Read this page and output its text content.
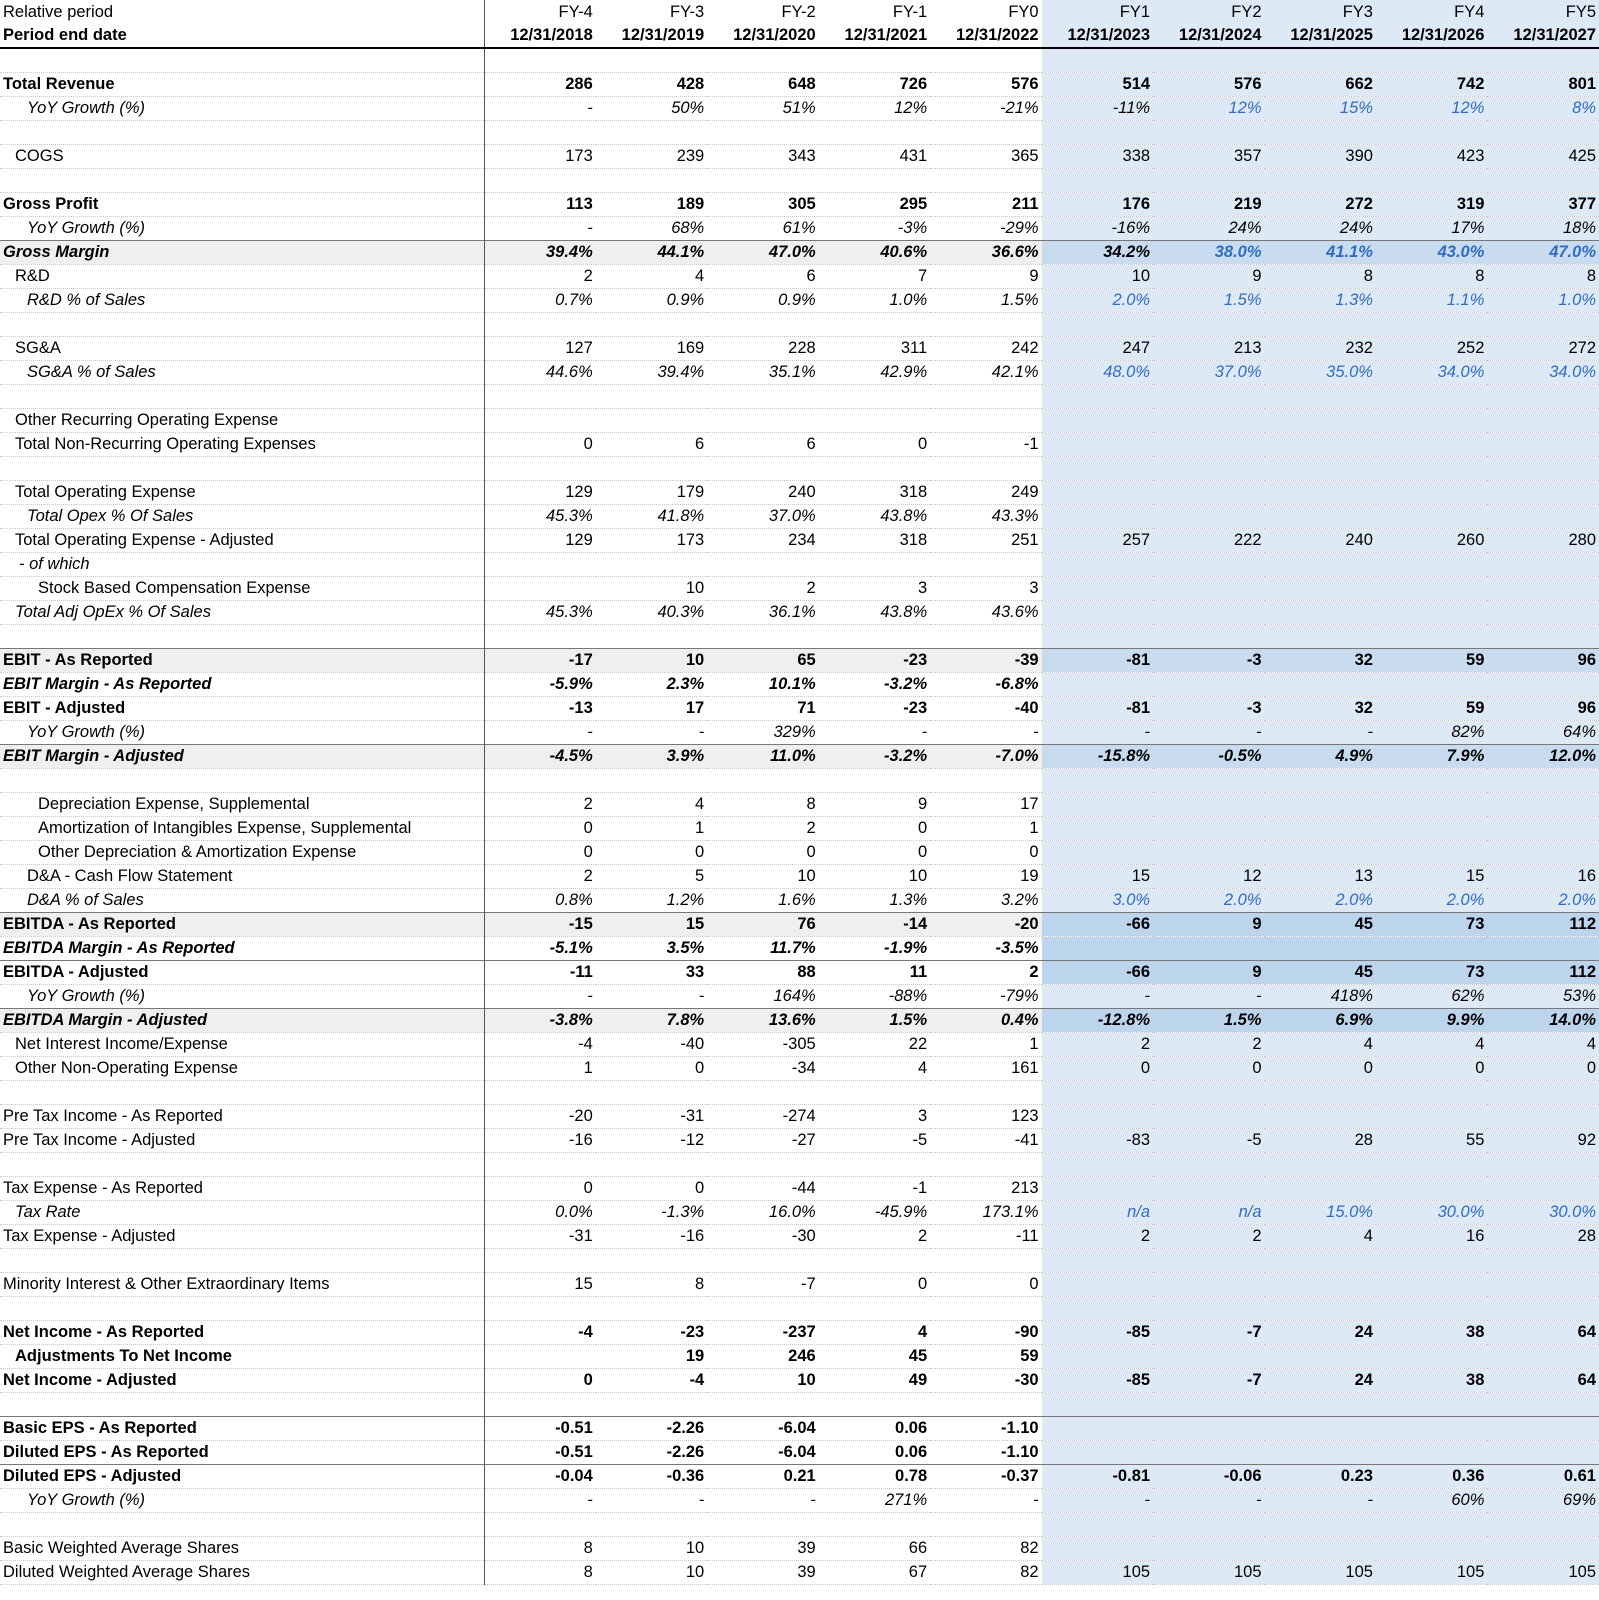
Relative period	FY-4	FY-3	FY-2	FY-1	FY0	FY1	FY2	FY3	FY4	FY5
Period end date	12/31/2018	12/31/2019	12/31/2020	12/31/2021	12/31/2022	12/31/2023	12/31/2024	12/31/2025	12/31/2026	12/31/2027

Total Revenue	286	428	648	726	576	514	576	662	742	801
YoY Growth (%)	-	50%	51%	12%	-21%	-11%	12%	15%	12%	8%

COGS	173	239	343	431	365	338	357	390	423	425

Gross Profit	113	189	305	295	211	176	219	272	319	377
YoY Growth (%)	-	68%	61%	-3%	-29%	-16%	24%	24%	17%	18%
Gross Margin	39.4%	44.1%	47.0%	40.6%	36.6%	34.2%	38.0%	41.1%	43.0%	47.0%
R&D	2	4	6	7	9	10	9	8	8	8
R&D % of Sales	0.7%	0.9%	0.9%	1.0%	1.5%	2.0%	1.5%	1.3%	1.1%	1.0%

SG&A	127	169	228	311	242	247	213	232	252	272
SG&A % of Sales	44.6%	39.4%	35.1%	42.9%	42.1%	48.0%	37.0%	35.0%	34.0%	34.0%

Other Recurring Operating Expense										
Total Non-Recurring Operating Expenses	0	6	6	0	-1					

Total Operating Expense	129	179	240	318	249					
Total Opex % Of Sales	45.3%	41.8%	37.0%	43.8%	43.3%					
Total Operating Expense - Adjusted	129	173	234	318	251	257	222	240	260	280
- of which										
Stock Based Compensation Expense		10	2	3	3					
Total Adj OpEx % Of Sales	45.3%	40.3%	36.1%	43.8%	43.6%					

EBIT - As Reported	-17	10	65	-23	-39	-81	-3	32	59	96
EBIT Margin - As Reported	-5.9%	2.3%	10.1%	-3.2%	-6.8%					
EBIT - Adjusted	-13	17	71	-23	-40	-81	-3	32	59	96
YoY Growth (%)	-	-	329%	-	-	-	-	-	82%	64%
EBIT Margin - Adjusted	-4.5%	3.9%	11.0%	-3.2%	-7.0%	-15.8%	-0.5%	4.9%	7.9%	12.0%

Depreciation Expense, Supplemental	2	4	8	9	17					
Amortization of Intangibles Expense, Supplemental	0	1	2	0	1					
Other Depreciation & Amortization Expense	0	0	0	0	0					
D&A - Cash Flow Statement	2	5	10	10	19	15	12	13	15	16
D&A % of Sales	0.8%	1.2%	1.6%	1.3%	3.2%	3.0%	2.0%	2.0%	2.0%	2.0%
EBITDA - As Reported	-15	15	76	-14	-20	-66	9	45	73	112
EBITDA Margin - As Reported	-5.1%	3.5%	11.7%	-1.9%	-3.5%					
EBITDA - Adjusted	-11	33	88	11	2	-66	9	45	73	112
YoY Growth (%)	-	-	164%	-88%	-79%	-	-	418%	62%	53%
EBITDA Margin - Adjusted	-3.8%	7.8%	13.6%	1.5%	0.4%	-12.8%	1.5%	6.9%	9.9%	14.0%
Net Interest Income/Expense	-4	-40	-305	22	1	2	2	4	4	4
Other Non-Operating Expense	1	0	-34	4	161	0	0	0	0	0

Pre Tax Income - As Reported	-20	-31	-274	3	123					
Pre Tax Income - Adjusted	-16	-12	-27	-5	-41	-83	-5	28	55	92

Tax Expense - As Reported	0	0	-44	-1	213					
Tax Rate	0.0%	-1.3%	16.0%	-45.9%	173.1%	n/a	n/a	15.0%	30.0%	30.0%
Tax Expense - Adjusted	-31	-16	-30	2	-11	2	2	4	16	28

Minority Interest & Other Extraordinary Items	15	8	-7	0	0					

Net Income - As Reported	-4	-23	-237	4	-90	-85	-7	24	38	64
Adjustments To Net Income		19	246	45	59					
Net Income - Adjusted	0	-4	10	49	-30	-85	-7	24	38	64

Basic EPS - As Reported	-0.51	-2.26	-6.04	0.06	-1.10					
Diluted EPS - As Reported	-0.51	-2.26	-6.04	0.06	-1.10					
Diluted EPS - Adjusted	-0.04	-0.36	0.21	0.78	-0.37	-0.81	-0.06	0.23	0.36	0.61
YoY Growth (%)	-	-	-	271%	-	-	-	-	60%	69%

Basic Weighted Average Shares	8	10	39	66	82					
Diluted Weighted Average Shares	8	10	39	67	82	105	105	105	105	105
